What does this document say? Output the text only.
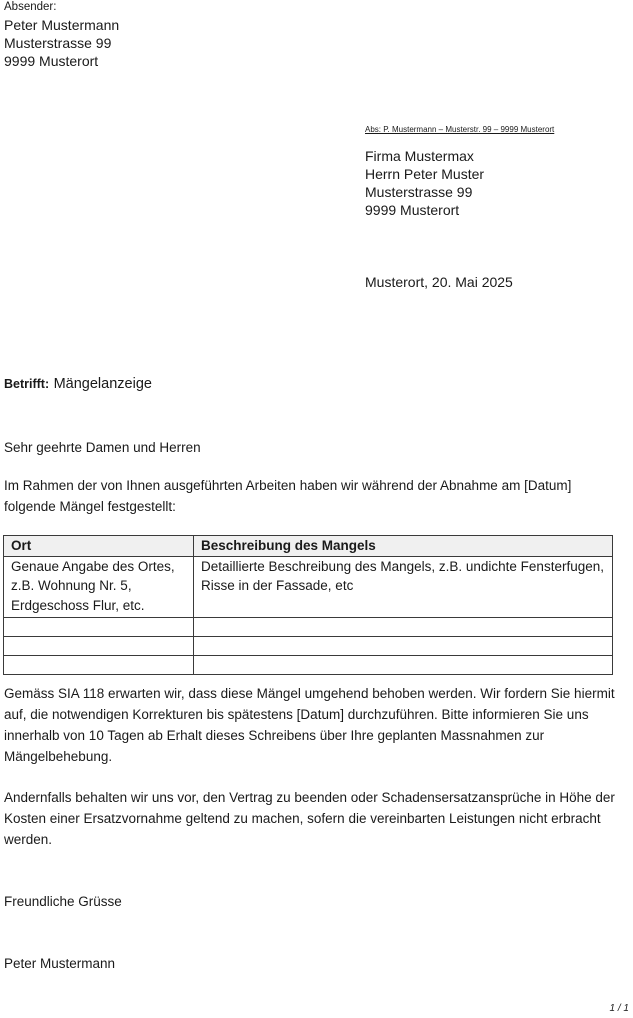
Absender:
Peter Mustermann
Musterstrasse 99
9999 Musterort
Abs: P. Mustermann – Musterstr. 99 – 9999 Musterort
Firma Mustermax
Herrn Peter Muster
Musterstrasse 99
9999 Musterort
Musterort, 20. Mai 2025
Betrifft: Mängelanzeige
Sehr geehrte Damen und Herren
Im Rahmen der von Ihnen ausgeführten Arbeiten haben wir während der Abnahme am [Datum] folgende Mängel festgestellt:
Ort	Beschreibung des Mangels
Genaue Angabe des Ortes, z.B. Wohnung Nr. 5, Erdgeschoss Flur, etc.	Detaillierte Beschreibung des Mangels, z.B. undichte Fensterfugen, Risse in der Fassade, etc

Gemäss SIA 118 erwarten wir, dass diese Mängel umgehend behoben werden. Wir fordern Sie hiermit auf, die notwendigen Korrekturen bis spätestens [Datum] durchzuführen. Bitte informieren Sie uns innerhalb von 10 Tagen ab Erhalt dieses Schreibens über Ihre geplanten Massnahmen zur Mängelbehebung.
Andernfalls behalten wir uns vor, den Vertrag zu beenden oder Schadensersatzansprüche in Höhe der Kosten einer Ersatzvornahme geltend zu machen, sofern die vereinbarten Leistungen nicht erbracht werden.
Freundliche Grüsse
Peter Mustermann
1 / 1
